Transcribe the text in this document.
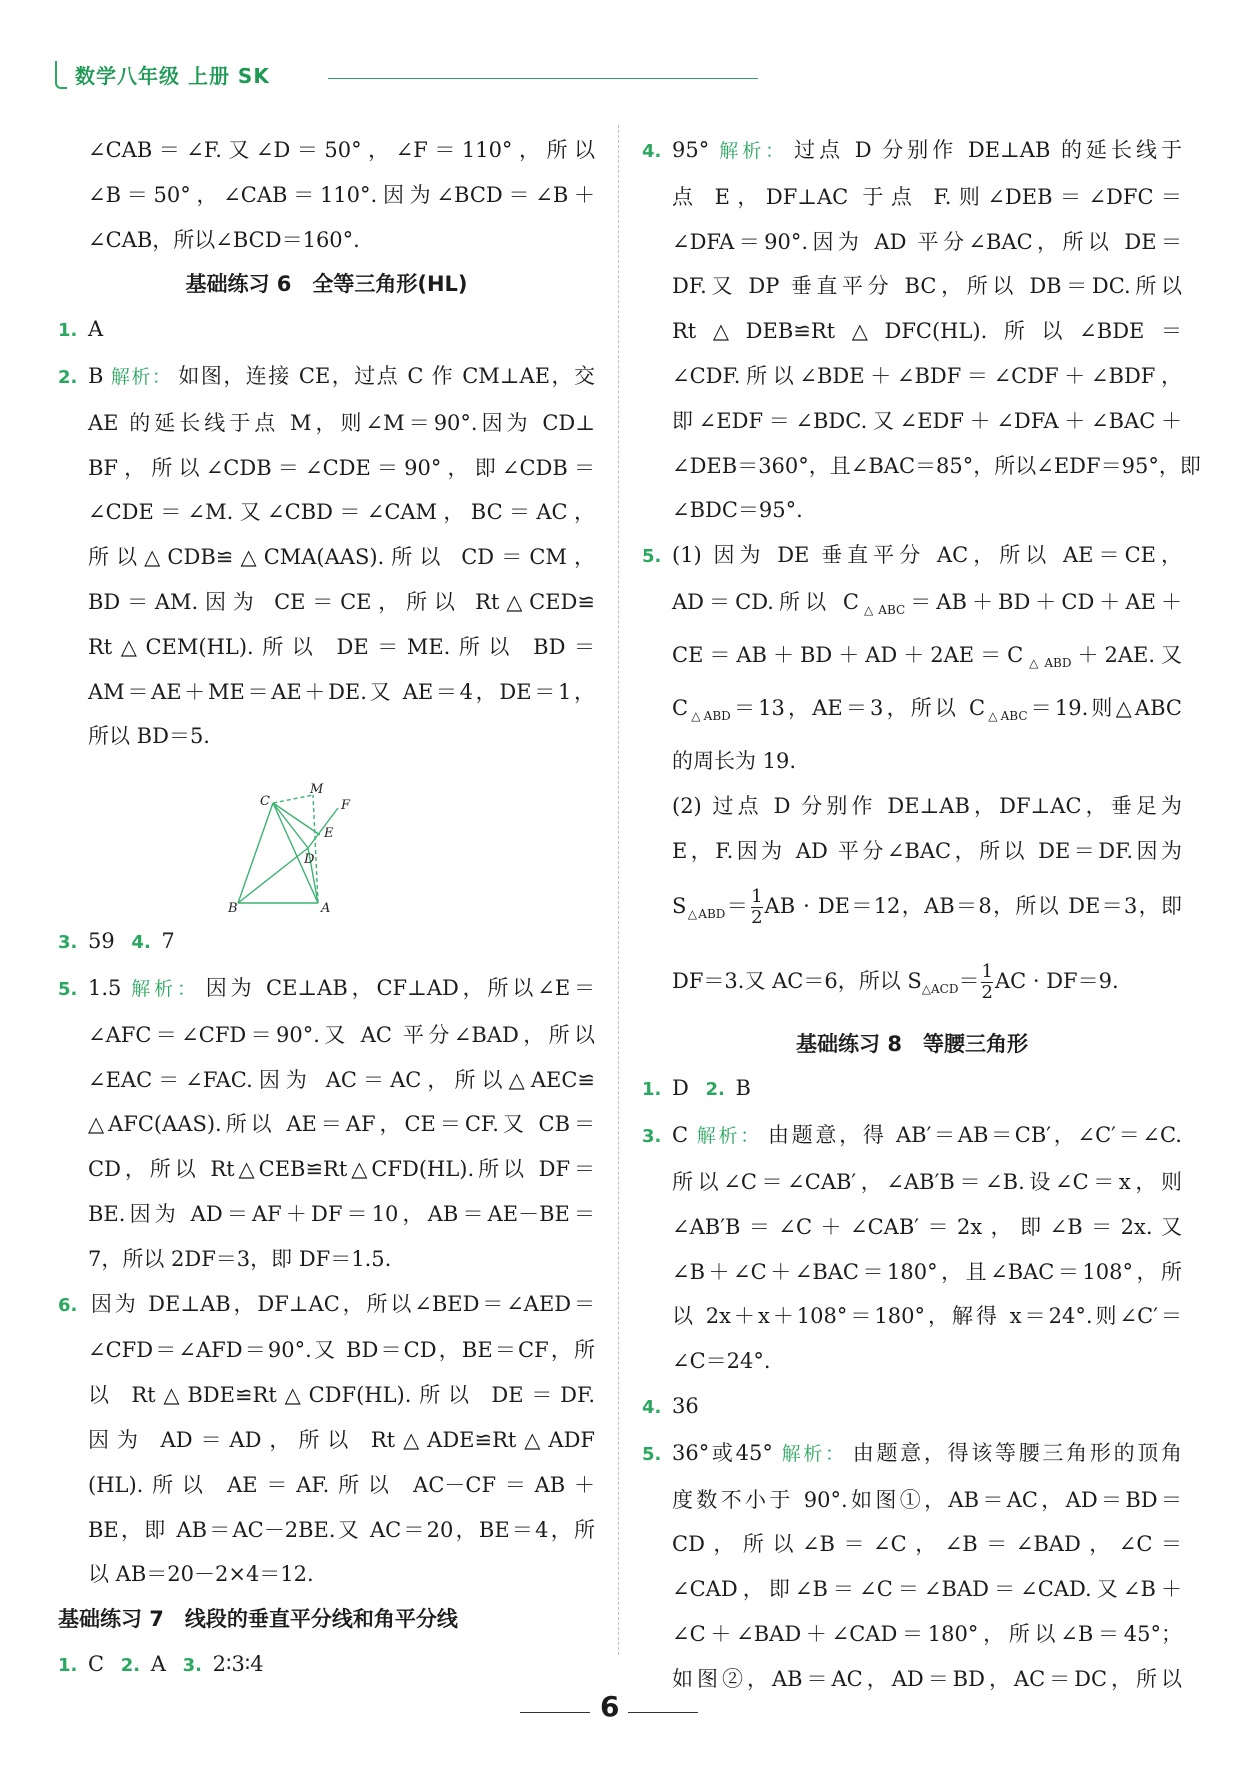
数学八年级 上册 SK
∠CAB＝∠F.又∠D＝50°，∠F＝110°，所以
∠B＝50°，∠CAB＝110°.因为∠BCD＝∠B＋
∠CAB，所以∠BCD＝160°.
基础练习 6　全等三角形(HL)
1. A
2. B 解析： 如图，连接 CE，过点 C 作 CM⊥AE，交
AE 的延长线于点 M，则∠M＝90°.因为 CD⊥
BF，所以∠CDB＝∠CDE＝90°，即∠CDB＝
∠CDE＝∠M.又∠CBD＝∠CAM，BC＝AC，
所以△CDB≌△CMA(AAS).所以 CD＝CM，
BD＝AM.因为 CE＝CE，所以 Rt△CED≌
Rt△CEM(HL).所以 DE＝ME.所以 BD＝
AM＝AE＋ME＝AE＋DE.又 AE＝4，DE＝1，
所以 BD＝5.
C
M
F
E
D
B	A
3. 59 4. 7
5. 1.5 解析： 因为 CE⊥AB，CF⊥AD，所以∠E＝
∠AFC＝∠CFD＝90°.又 AC 平分∠BAD，所以
∠EAC＝∠FAC.因为 AC＝AC，所以△AEC≌
△AFC(AAS).所以 AE＝AF，CE＝CF.又 CB＝
CD，所以 Rt△CEB≌Rt△CFD(HL).所以 DF＝
BE.因为 AD＝AF＋DF＝10，AB＝AE－BE＝
7，所以 2DF＝3，即 DF＝1.5.
6. 因为 DE⊥AB，DF⊥AC，所以∠BED＝∠AED＝
∠CFD＝∠AFD＝90°.又 BD＝CD，BE＝CF，所
以 Rt△BDE≌Rt△CDF(HL).所以 DE＝DF.
因为 AD＝AD，所以 Rt△ADE≌Rt△ADF
(HL).所以 AE＝AF.所以 AC－CF＝AB＋
BE，即 AB＝AC－2BE.又 AC＝20，BE＝4，所
以 AB＝20－2×4＝12.
基础练习 7　线段的垂直平分线和角平分线
1. C 2. A 3. 2∶3∶4
4. 95° 解析： 过点 D 分别作 DE⊥AB 的延长线于
点 E，DF⊥AC 于点 F.则∠DEB＝∠DFC＝
∠DFA＝90°.因为 AD 平分∠BAC，所以 DE＝
DF.又 DP 垂直平分 BC，所以 DB＝DC.所以
Rt△DEB≌Rt△DFC(HL).所以∠BDE＝
∠CDF.所以∠BDE＋∠BDF＝∠CDF＋∠BDF，
即∠EDF＝∠BDC.又∠EDF＋∠DFA＋∠BAC＋
∠DEB＝360°，且∠BAC＝85°，所以∠EDF＝95°，即
∠BDC＝95°.
5. (1) 因为 DE 垂直平分 AC，所以 AE＝CE，
AD＝CD.所以 $C_{\triangle ABC}=AB+BD+CD+AE+$
$CE=AB+BD+AD+2AE=C_{\triangle ABD}+2AE$.又
$C_{\triangle ABD}=13$，AE＝3，所以 $C_{\triangle ABC}=19$.则△ABC
的周长为 19.
(2) 过点 D 分别作 DE⊥AB，DF⊥AC，垂足为
E，F.因为 AD 平分∠BAC，所以 DE＝DF.因为
$S_{\triangle ABD}= \frac{1}{2}$ AB · DE＝12，AB＝8，所以 DE＝3，即
DF＝3.又 AC＝6，所以 $S_{\triangle ACD}= \frac{1}{2}$ AC · DF＝9.
基础练习 8　等腰三角形
1. D 2. B
3. C 解析： 由题意，得 AB′＝AB＝CB′，∠C′＝∠C.
所以∠C＝∠CAB′，∠AB′B＝∠B.设∠C＝x，则
∠AB′B＝∠C＋∠CAB′＝2x，即∠B＝2x.又
∠B＋∠C＋∠BAC＝180°，且∠BAC＝108°，所
以 2x＋x＋108°＝180°，解得 x＝24°.则∠C′＝
∠C＝24°.
4. 36
5. 36°或45° 解析： 由题意，得该等腰三角形的顶角
度数不小于 90°.如图①，AB＝AC，AD＝BD＝
CD，所以∠B＝∠C，∠B＝∠BAD，∠C＝
∠CAD，即∠B＝∠C＝∠BAD＝∠CAD.又∠B＋
∠C＋∠BAD＋∠CAD＝180°，所以∠B＝45°；
如图②，AB＝AC，AD＝BD，AC＝DC，所以
6
